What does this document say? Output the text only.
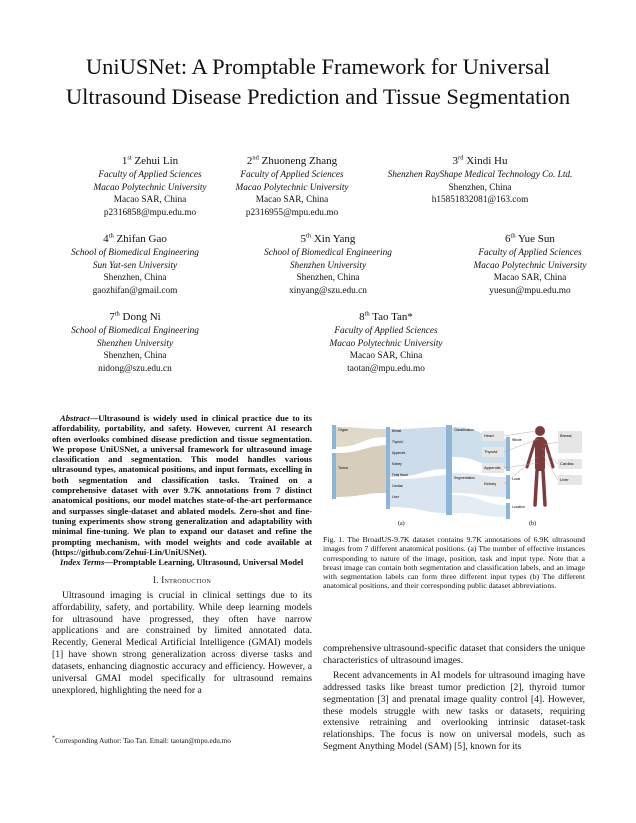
UniUSNet: A Promptable Framework for Universal Ultrasound Disease Prediction and Tissue Segmentation
1st Zehui Lin
Faculty of Applied Sciences
Macao Polytechnic University
Macao SAR, China
p2316858@mpu.edu.mo
2nd Zhuoneng Zhang
Faculty of Applied Sciences
Macao Polytechnic University
Macao SAR, China
p2316955@mpu.edu.mo
3rd Xindi Hu
Shenzhen RayShape Medical Technology Co. Ltd.
Shenzhen, China
h15851832081@163.com
4th Zhifan Gao
School of Biomedical Engineering
Sun Yat-sen University
Shenzhen, China
gaozhifan@gmail.com
5th Xin Yang
School of Biomedical Engineering
Shenzhen University
Shenzhen, China
xinyang@szu.edu.cn
6th Yue Sun
Faculty of Applied Sciences
Macao Polytechnic University
Macao SAR, China
yuesun@mpu.edu.mo
7th Dong Ni
School of Biomedical Engineering
Shenzhen University
Shenzhen, China
nidong@szu.edu.cn
8th Tao Tan*
Faculty of Applied Sciences
Macao Polytechnic University
Macao SAR, China
taotan@mpu.edu.mo
Abstract—Ultrasound is widely used in clinical practice due to its affordability, portability, and safety. However, current AI research often overlooks combined disease prediction and tissue segmentation. We propose UniUSNet, a universal framework for ultrasound image classification and segmentation. This model handles various ultrasound types, anatomical positions, and input formats, excelling in both segmentation and classification tasks. Trained on a comprehensive dataset with over 9.7K annotations from 7 distinct anatomical positions, our model matches state-of-the-art performance and surpasses single-dataset and ablated models. Zero-shot and fine-tuning experiments show strong generalization and adaptability with minimal fine-tuning. We plan to expand our dataset and refine the prompting mechanism, with model weights and code available at (https://github.com/Zehui-Lin/UniUSNet).
Index Terms—Promptable Learning, Ultrasound, Universal Model
I. Introduction

Ultrasound imaging is crucial in clinical settings due to its affordability, safety, and portability. While deep learning models for ultrasound have progressed, they often have narrow applications and are constrained by limited annotated data. Recently, General Medical Artificial Intelligence (GMAI) models [1] have shown strong generalization across diverse tasks and datasets, enhancing diagnostic accuracy and efficiency. However, a universal GMAI model specifically for ultrasound remains unexplored, highlighting the need for a

*Corresponding Author: Tao Tan. Email: taotan@mpu.edu.mo
Organ
Tumor
Breast
Thyroid
Appendix
Kidney
Fetal Head
Cardiac
Liver
Classification
Segmentation
Whole
Local
Location
(a)
Head
Thyroid
Appendix
Kidney
Breast
Cardiac
Liver
(b)
Fig. 1. The BroadUS-9.7K dataset contains 9.7K annotations of 6.9K ultrasound images from 7 different anatomical positions. (a) The number of effective instances corresponding to nature of the image, position, task and input type. Note that a breast image can contain both segmentation and classification labels, and an image with segmentation labels can form three different input types (b) The different anatomical positions, and their corresponding public dataset abbreviations.

comprehensive ultrasound-specific dataset that considers the unique characteristics of ultrasound images.

Recent advancements in AI models for ultrasound imaging have addressed tasks like breast tumor prediction [2], thyroid tumor segmentation [3] and prenatal image quality control [4]. However, these models struggle with new tasks or datasets, requiring extensive retraining and overlooking intrinsic dataset-task relationships. The focus is now on universal models, such as Segment Anything Model (SAM) [5], known for its
